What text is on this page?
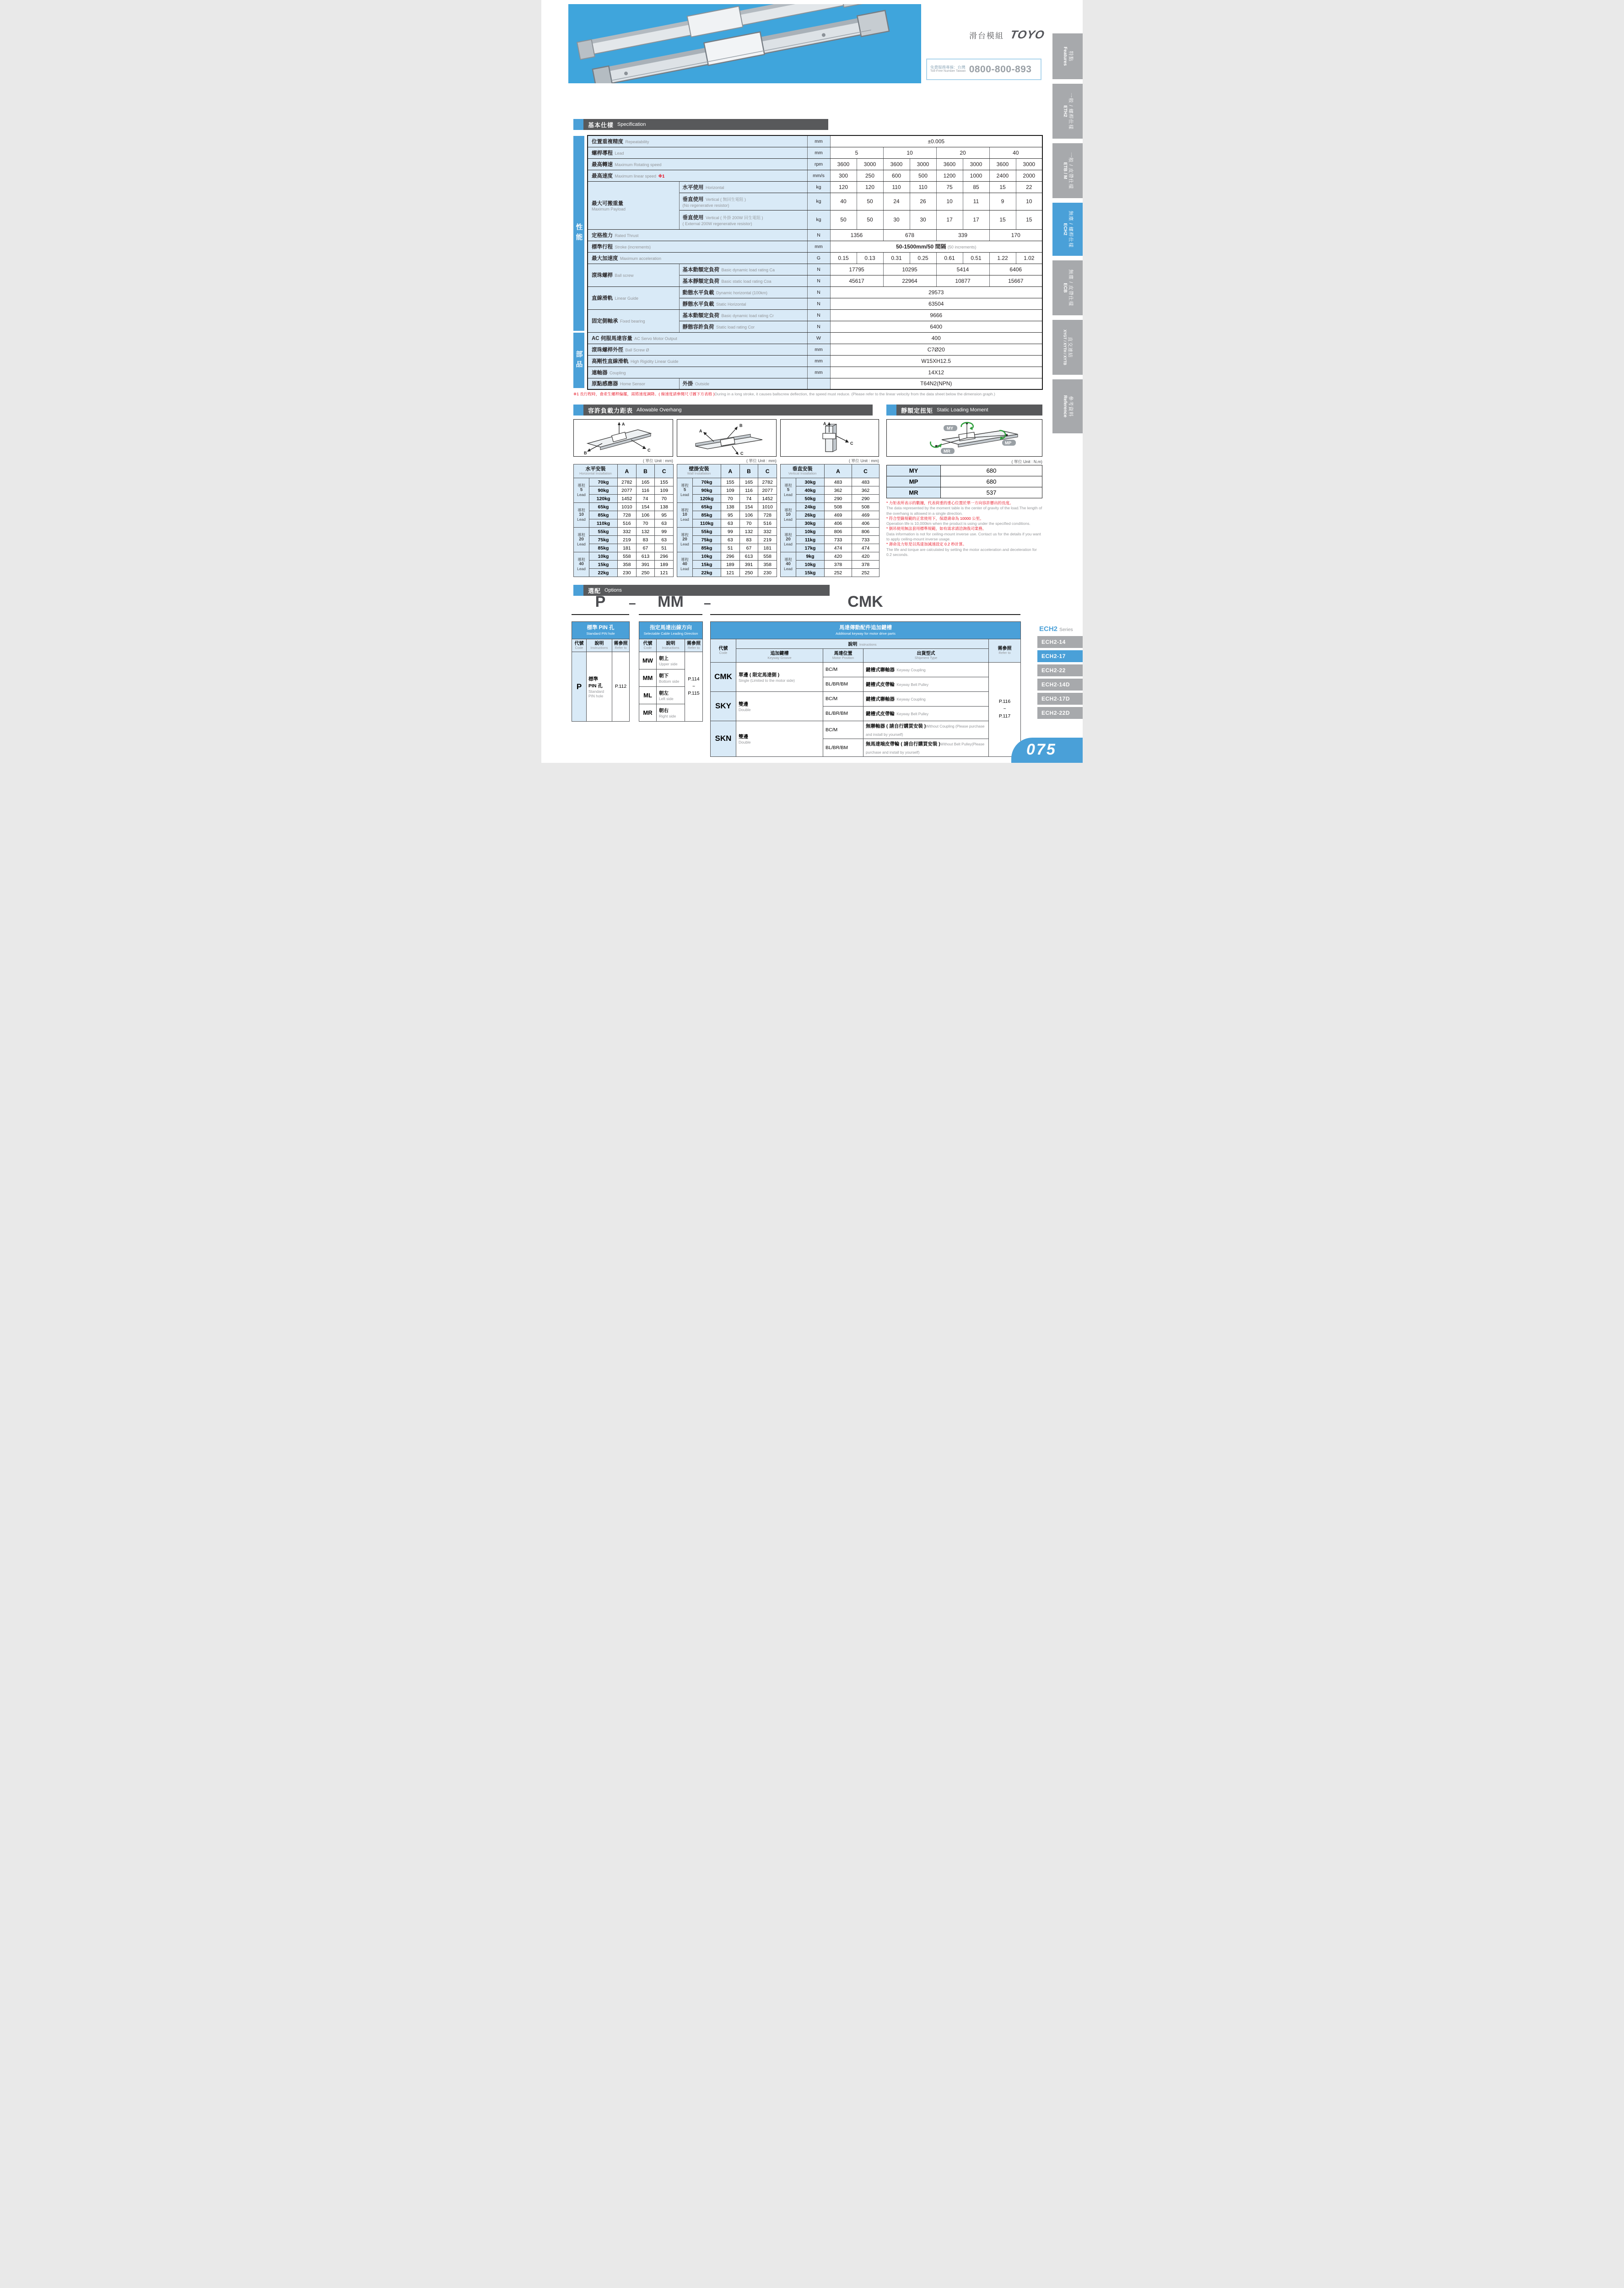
滑台模組 TOYO
免費服務專線：台灣
Toll-Free Number Taiwan 0800-800-893
基本仕樣 Specification
性能
部品
位置重複精度 Repeatability		mm	±0.005							
螺桿導程 Lead		mm	5		10		20		40	
最高轉速 Maximum Rotating speed		rpm	3600	3000	3600	3000	3600	3000	3600	3000
最高速度 Maximum linear speed ※1		mm/s	300	250	600	500	1200	1000	2400	2000

最大可搬重量
Maximum Payload	水平使用 Horizontal	kg	120	120	110	110	75	85	15	22

	垂直使用 Vertical ( 無回生電阻 )
(No regenerative resistor)	kg	40	50	24	26	10	11	9	10

	垂直使用 Vertical ( 外掛 200W 回生電阻 )
( External 200W regenerative resistor)	kg	50	50	30	30	17	17	15	15
定格推力 Rated Thrust		N	1356		678		339		170	
標準行程 Stroke (increments)		mm	50-1500mm/50 間隔 (50 increments)							
最大加速度 Maximum acceleration		G	0.15	0.13	0.31	0.25	0.61	0.51	1.22	1.02
滾珠螺桿 Ball screw	基本動額定負荷 Basic dynamic load rating Ca	N	17795		10295		5414		6406	
	基本靜額定負荷 Basic static load rating Coa	N	45617		22964		10877		15667	
直線滑軌 Linear Guide	動態水平負載 Dynamic horizontal (100km)	N	29573							
	靜態水平負載 Static Horizontal	N	63504							
固定側軸承 Fixed bearing	基本動額定負荷 Basic dynamic load rating Cr	N	9666							
	靜態容許負荷 Static load rating Cor	N	6400							
AC 伺服馬達容量 AC Servo Motor Output		W	400							
滾珠螺桿外徑 Ball Screw Ø		mm	C7Ø20							
高剛性直線滑軌 High Rigidity Linear Guide		mm	W15XH12.5							
連軸器 Coupling		mm	14X12							
原點感應器 Home Sensor	外掛 Outside		T64N2(NPN)							
※1 長行程時，會產生螺桿偏擺，需將速度調降。( 線速度請參閱尺寸圖下方表格 )During in a long stroke, it causes ballscrew deflection, the speed must reduce. (Please refer to the linear velocity from the data sheet below the dimension graph.)
容許負載力距表 Allowable Overhang
A
B
C
B
A
C
A
C
( 單位 Unit : mm)	( 單位 Unit : mm)	( 單位 Unit : mm)
水平安裝
Horizontal Installation		A	B	C

導程
5
Lead	70kg	2782	165	155
	90kg	2077	116	109
	120kg	1452	74	70

導程
10
Lead	65kg	1010	154	138
	85kg	728	106	95
	110kg	516	70	63

導程
20
Lead	55kg	332	132	99
	75kg	219	83	63
	85kg	181	67	51

導程
40
Lead	10kg	558	613	296
	15kg	358	391	189
	22kg	230	250	121
壁掛安裝
Wall Installation		A	B	C

導程
5
Lead	70kg	155	165	2782
	90kg	109	116	2077
	120kg	70	74	1452

導程
10
Lead	65kg	138	154	1010
	85kg	95	106	728
	110kg	63	70	516

導程
20
Lead	55kg	99	132	332
	75kg	63	83	219
	85kg	51	67	181

導程
40
Lead	10kg	296	613	558
	15kg	189	391	358
	22kg	121	250	230
垂直安裝
Vertical Installation		A	C

導程
5
Lead	30kg	483	483
	40kg	362	362
	50kg	290	290

導程
10
Lead	24kg	508	508
	26kg	469	469
	30kg	406	406

導程
20
Lead	10kg	806	806
	11kg	733	733
	17kg	474	474

導程
40
Lead	9kg	420	420
	10kg	378	378
	15kg	252	252
靜額定扭矩 Static Loading Moment
MY
MP
MR
( 單位 Unit : N.m)
MY	680
MP	680
MR	537
* 力矩表所表示的數據，代表荷重的重心位置於單一方向容許懸出的長度。
The data represented by the moment table is the center of gravity of the load.The length of the overhang is allowed in a single direction.
* 符合型錄規範的正常使用下，保證壽命為 10000 公里。
Operation life is 10,000km when the product is using under the specified conditions.
* 倒吊使用無法套用標準規範，如有需求請洽詢我司業務。
Data information is not for ceiling-mount inverse use. Contact us for the details if you want to apply ceiling-mount inverse usage.
* 壽命及力矩是以馬達加減速設定 0.2 秒計算。
The life and torque are calculated by setting the motor acceleration and deceleration for 0.2 seconds.
選配 Options
P	–	MM	–	CMK
標準 PIN 孔
Standard PIN hole		

代號
Code	說明
Instructions	需參照
Refer to

P	標準
PIN 孔
Standard
PIN hole	P.112
指定馬達出線方向
Selectable Cable Leading Direction		

代號
Code	說明
Instructions	需參照
Refer to

MW	朝上
Upper side

P.114
~
P.115

MM	朝下
Bottom side	

ML	朝左
Left side	

MR	朝右
Right side	
馬達傳動配件追加鍵槽
Additional keyway for motor drive parts				

代號
Code	說明 Instructions			需參照
Refer to

	追加鍵槽
Keyway Groove	馬達位置
Motor Position	出貨型式
Shipment Type	

CMK	單邊 ( 限定馬達側 )
Single (Limited to the motor side)
	BC/M	鍵槽式聯軸器 Keyway Coupling	
P.116
~
P.117

		BL/BR/BM	鍵槽式皮帶輪 Keyway Belt Pulley	
SKY	雙邊
Double	BC/M	鍵槽式聯軸器 Keyway Coupling	
		BL/BR/BM	鍵槽式皮帶輪 Keyway Belt Pulley	
SKN	雙邊
Double	BC/M	無聯軸器 ( 請自行購買安裝 )Without Coupling (Please purchase and install by yourself)	
		BL/BR/BM	無馬達端皮帶輪 ( 請自行購買安裝 )Without Belt Pulley(Please purchase and install by yourself)	
ECH2 Series
ECH2-14
ECH2-17
ECH2-22
ECH2-14D
ECH2-17D
ECH2-22D
075
特點
Features
一般 / 螺桿仕樣
ETH2
一般 / 皮帶仕樣
ETB / M
無塵 / 螺桿仕樣
ECH2
無塵 / 皮帶仕樣
ECB
直交連結
XYGT / XYTH / XYTB
參考資料
Reference
